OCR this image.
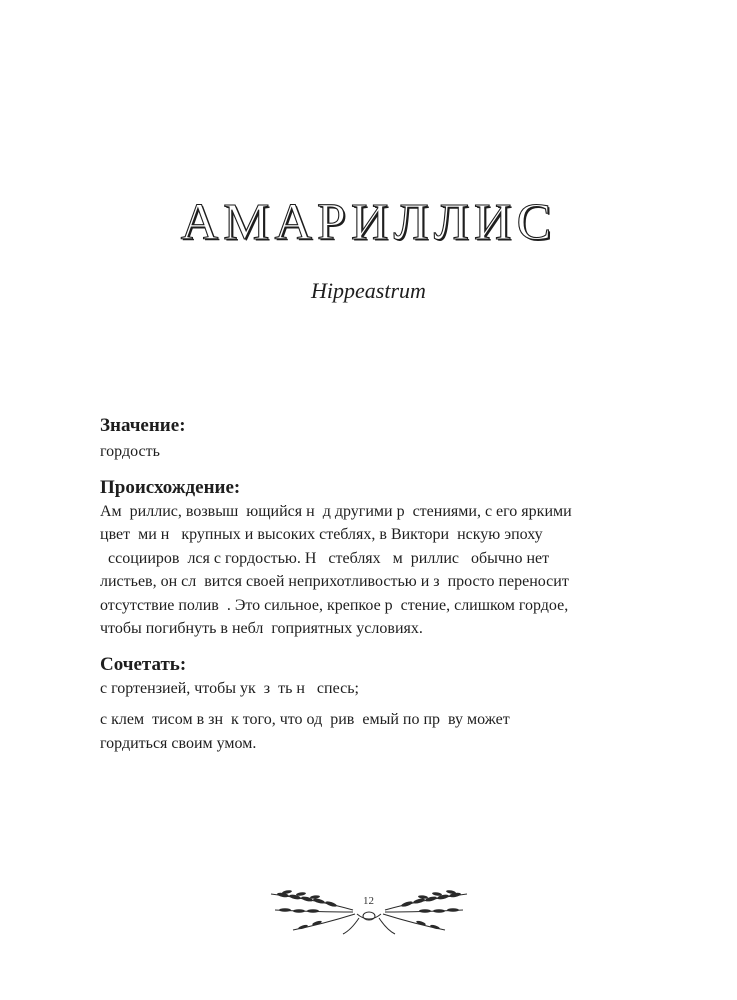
АМАРИЛЛИС

Hippeastrum

Значение:

гордость

Происхождение:

Ам  риллис, возвыш  ющийся н  д другими р  стениями, с его яркими
цвет  ми н   крупных и высоких стеблях, в Виктори  нскую эпоху
ссоцииров  лся с гордостью. Н   стеблях   м  риллис   обычно нет
листьев, он сл  вится своей неприхотливостью и з  просто переносит
отсутствие полив  . Это сильное, крепкое р  стение, слишком гордое,
чтобы погибнуть в небл  гоприятных условиях.

Сочетать:

с гортензией, чтобы ук  з  ть н   спесь;

с клем  тисом в зн  к того, что од  рив  емый по пр  ву может
гордиться своим умом.

12
